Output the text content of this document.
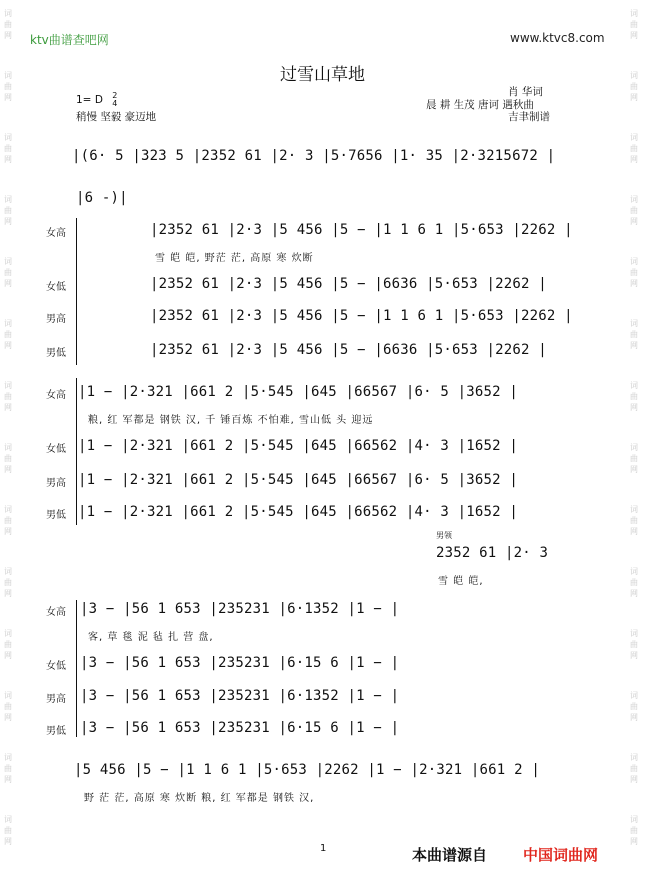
ktv曲谱查吧网	www.ktvc8.com
过雪山草地
1= D 2
4
稍慢 坚毅 豪迈地
肖 华词
晨 耕 生茂 唐诃 遇秋曲
吉聿制谱
词
曲
网
词
曲
网
词
曲
网
词
曲
网
词
曲
网
词
曲
网
词
曲
网
词
曲
网
词
曲
网
词
曲
网
词
曲
网
词
曲
网
词
曲
网
词
曲
网
词
曲
网
词
曲
网
词
曲
网
词
曲
网
词
曲
网
词
曲
网
词
曲
网
词
曲
网
词
曲
网
词
曲
网
词
曲
网
词
曲
网
词
曲
网
词
曲
网
|(6· 5 |323 5 |2352 61 |2· 3 |5·7656 |1· 35 |2·3215672 |
|6 -)|
女高	|2352 61 |2·3 |5 456 |5 − |1 1 6 1 |5·653 |2262 |
雪 皑 皑, 野茫 茫, 高原 寒 炊断
女低	|2352 61 |2·3 |5 456 |5 − |6636 |5·653 |2262 |
男高	|2352 61 |2·3 |5 456 |5 − |1 1 6 1 |5·653 |2262 |
男低	|2352 61 |2·3 |5 456 |5 − |6636 |5·653 |2262 |
女高 |1 − |2·321 |661 2 |5·545 |645 |66567 |6· 5 |3652 |
粮, 红 军都是 钢铁 汉, 千 锤百炼 不怕难, 雪山低 头 迎远
女低 |1 − |2·321 |661 2 |5·545 |645 |66562 |4· 3 |1652 |
男高 |1 − |2·321 |661 2 |5·545 |645 |66567 |6· 5 |3652 |
男低 |1 − |2·321 |661 2 |5·545 |645 |66562 |4· 3 |1652 |
男领
2352 61 |2· 3
雪 皑 皑,
女高 |3 − |56 1 653 |235231 |6·1352 |1 − |
客, 草 毯 泥 毡 扎 营 盘,
女低 |3 − |56 1 653 |235231 |6·15 6 |1 − |
男高 |3 − |56 1 653 |235231 |6·1352 |1 − |
男低 |3 − |56 1 653 |235231 |6·15 6 |1 − |
|5 456 |5 − |1 1 6 1 |5·653 |2262 |1 − |2·321 |661 2 |
野 茫 茫, 高原 寒 炊断 粮, 红 军都是 钢铁 汉,
1	本曲谱源自 中国词曲网
